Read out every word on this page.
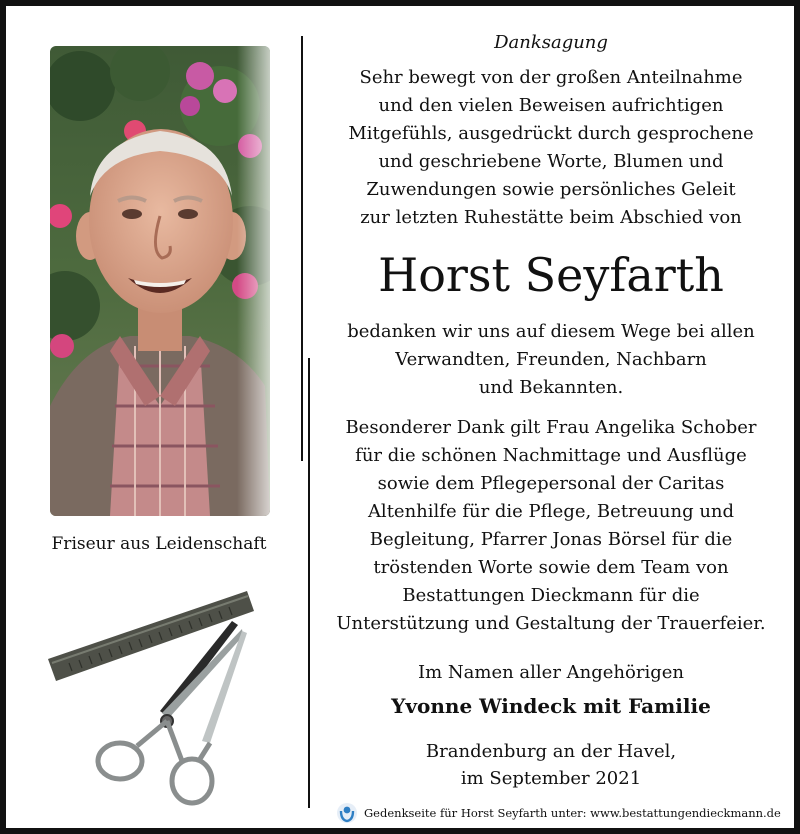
Friseur aus Leidenschaft
Danksagung
Sehr bewegt von der großen Anteilnahme
und den vielen Beweisen aufrichtigen
Mitgefühls, ausgedrückt durch gesprochene
und geschriebene Worte, Blumen und
Zuwendungen sowie persönliches Geleit
zur letzten Ruhestätte beim Abschied von
Horst Seyfarth
bedanken wir uns auf diesem Wege bei allen
Verwandten, Freunden, Nachbarn
und Bekannten.
Besonderer Dank gilt Frau Angelika Schober
für die schönen Nachmittage und Ausflüge
sowie dem Pflegepersonal der Caritas
Altenhilfe für die Pflege, Betreuung und
Begleitung, Pfarrer Jonas Börsel für die
tröstenden Worte sowie dem Team von
Bestattungen Dieckmann für die
Unterstützung und Gestaltung der Trauerfeier.
Im Namen aller Angehörigen
Yvonne Windeck mit Familie
Brandenburg an der Havel,
im September 2021
Gedenkseite für Horst Seyfarth unter: www.bestattungendieckmann.de
